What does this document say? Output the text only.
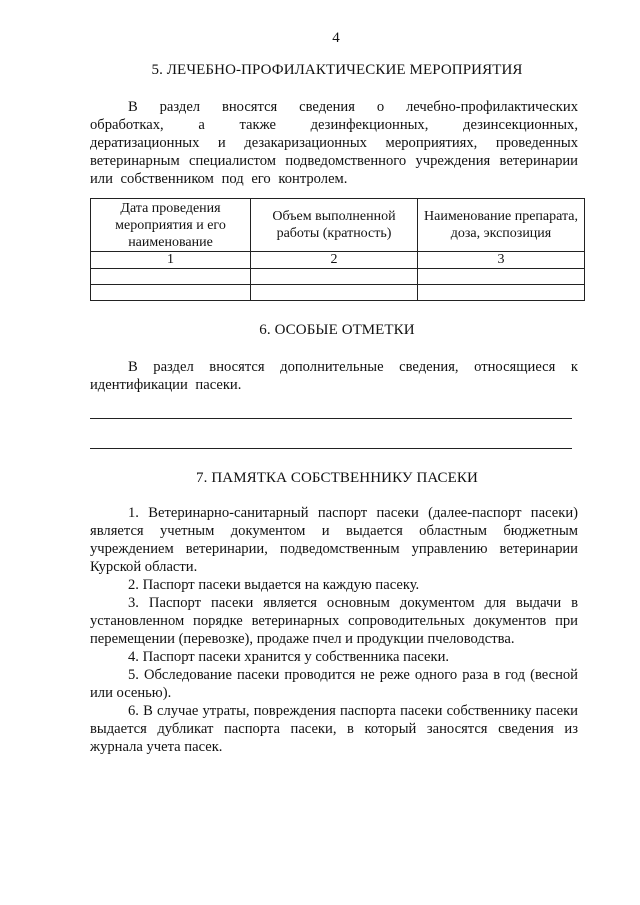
4
5. ЛЕЧЕБНО-ПРОФИЛАКТИЧЕСКИЕ МЕРОПРИЯТИЯ
В раздел вносятся сведения о лечебно-профилактических обработках, а также дезинфекционных, дезинсекционных, дератизационных и дезакаризационных мероприятиях, проведенных ветеринарным специалистом подведомственного учреждения ветеринарии или собственником под его контролем.
Дата проведения мероприятия и его наименование	Объем выполненной работы (кратность)	Наименование препарата, доза, экспозиция
1	2	3

6. ОСОБЫЕ ОТМЕТКИ
В раздел вносятся дополнительные сведения, относящиеся к идентификации пасеки.
7. ПАМЯТКА СОБСТВЕННИКУ ПАСЕКИ
1. Ветеринарно-санитарный паспорт пасеки (далее-паспорт пасеки) является учетным документом и выдается областным бюджетным учреждением ветеринарии, подведомственным управлению ветеринарии Курской области.
2. Паспорт пасеки выдается на каждую пасеку.
3. Паспорт пасеки является основным документом для выдачи в установленном порядке ветеринарных сопроводительных документов при перемещении (перевозке), продаже пчел и продукции пчеловодства.
4. Паспорт пасеки хранится у собственника пасеки.
5. Обследование пасеки проводится не реже одного раза в год (весной или осенью).
6. В случае утраты, повреждения паспорта пасеки собственнику пасеки выдается дубликат паспорта пасеки, в который заносятся сведения из журнала учета пасек.
